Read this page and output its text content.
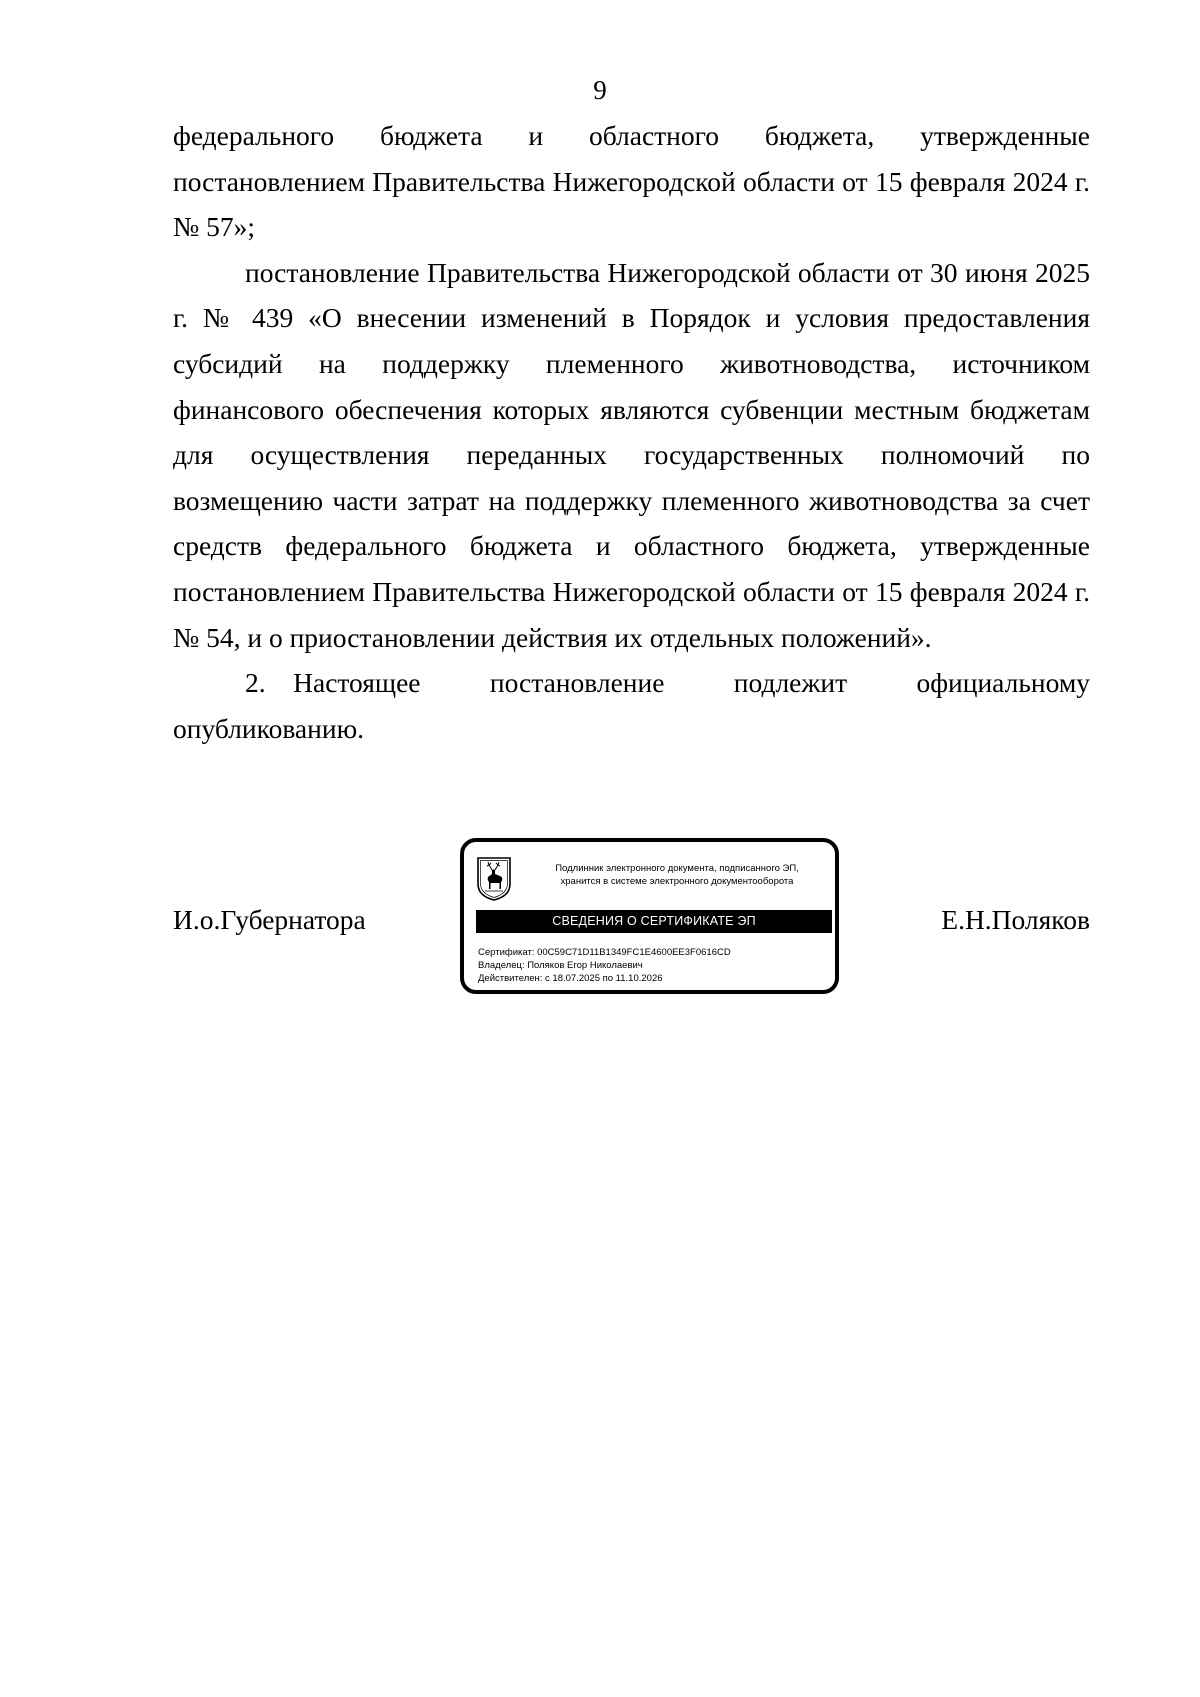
9

федерального бюджета и областного бюджета, утвержденные постановлением Правительства Нижегородской области от 15 февраля 2024 г. № 57»;

постановление Правительства Нижегородской области от 30 июня 2025 г. № 439 «О внесении изменений в Порядок и условия предоставления субсидий на поддержку племенного животноводства, источником финансового обеспечения которых являются субвенции местным бюджетам для осуществления переданных государственных полномочий по возмещению части затрат на поддержку племенного животноводства за счет средств федерального бюджета и областного бюджета, утвержденные постановлением Правительства Нижегородской области от 15 февраля 2024 г. № 54, и о приостановлении действия их отдельных положений».

2. Настоящее постановление подлежит официальному опубликованию.

И.о.Губернатора	Е.Н.Поляков
Подлинник электронного документа, подписанного ЭП,
хранится в системе электронного документооборота
СВЕДЕНИЯ О СЕРТИФИКАТЕ ЭП
Сертификат: 00C59C71D11B1349FC1E4600EE3F0616CD
Владелец: Поляков Егор Николаевич
Действителен: с 18.07.2025 по 11.10.2026
